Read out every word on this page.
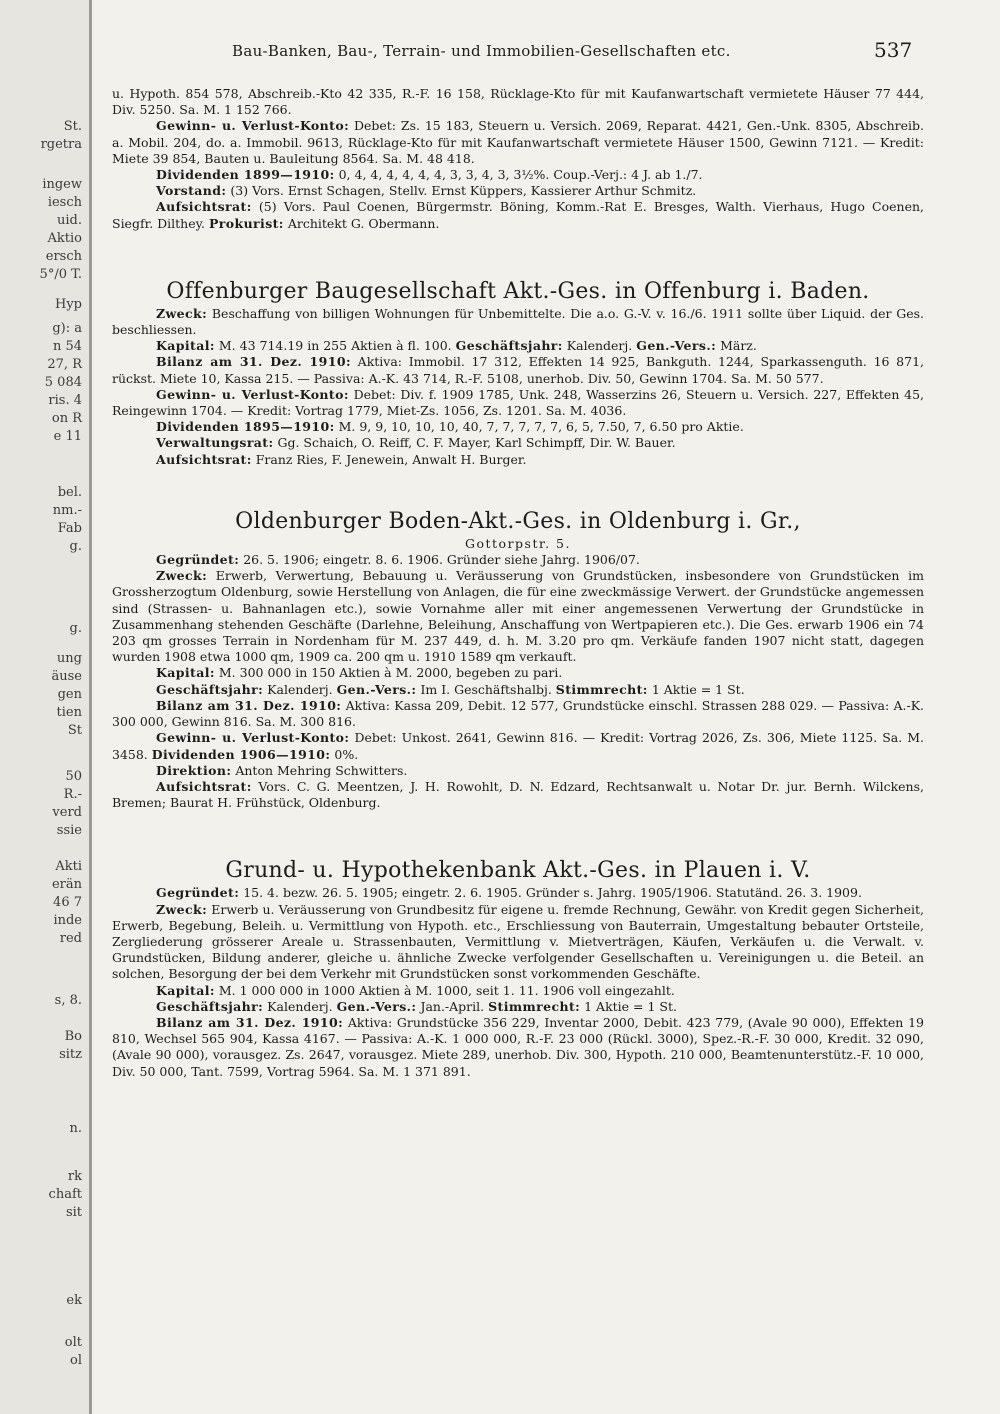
St.
rgetra
ingew
iesch
uid.
Aktio
ersch
5°/0 T.
Hyp
g): a
n 54
27, R
5 084
ris. 4
on R
e 11
bel.
nm.-
Fab
g.
g.
ung
äuse
gen
tien
St
50
R.-
verd
ssie
Akti
erän
46 7
inde
red
s, 8.
Bo
sitz
n.
rk
chaft
sit
ek
olt
ol
Bau-Banken, Bau-, Terrain- und Immobilien-Gesellschaften etc.	537

u. Hypoth. 854 578, Abschreib.-Kto 42 335, R.-F. 16 158, Rücklage-Kto für mit Kaufanwartschaft vermietete Häuser 77 444, Div. 5250. Sa. M. 1 152 766.

Gewinn- u. Verlust-Konto: Debet: Zs. 15 183, Steuern u. Versich. 2069, Reparat. 4421, Gen.-Unk. 8305, Abschreib. a. Mobil. 204, do. a. Immobil. 9613, Rücklage-Kto für mit Kaufanwartschaft vermietete Häuser 1500, Gewinn 7121. — Kredit: Miete 39 854, Bauten u. Bauleitung 8564. Sa. M. 48 418.

Dividenden 1899—1910: 0, 4, 4, 4, 4, 4, 4, 3, 3, 4, 3, 3½%. Coup.-Verj.: 4 J. ab 1./7.

Vorstand: (3) Vors. Ernst Schagen, Stellv. Ernst Küppers, Kassierer Arthur Schmitz.

Aufsichtsrat: (5) Vors. Paul Coenen, Bürgermstr. Böning, Komm.-Rat E. Bresges, Walth. Vierhaus, Hugo Coenen, Siegfr. Dilthey. Prokurist: Architekt G. Obermann.

Offenburger Baugesellschaft Akt.-Ges. in Offenburg i. Baden.

Zweck: Beschaffung von billigen Wohnungen für Unbemittelte. Die a.o. G.-V. v. 16./6. 1911 sollte über Liquid. der Ges. beschliessen.

Kapital: M. 43 714.19 in 255 Aktien à fl. 100. Geschäftsjahr: Kalenderj. Gen.-Vers.: März.

Bilanz am 31. Dez. 1910: Aktiva: Immobil. 17 312, Effekten 14 925, Bankguth. 1244, Sparkassenguth. 16 871, rückst. Miete 10, Kassa 215. — Passiva: A.-K. 43 714, R.-F. 5108, unerhob. Div. 50, Gewinn 1704. Sa. M. 50 577.

Gewinn- u. Verlust-Konto: Debet: Div. f. 1909 1785, Unk. 248, Wasserzins 26, Steuern u. Versich. 227, Effekten 45, Reingewinn 1704. — Kredit: Vortrag 1779, Miet-Zs. 1056, Zs. 1201. Sa. M. 4036.

Dividenden 1895—1910: M. 9, 9, 10, 10, 10, 40, 7, 7, 7, 7, 7, 6, 5, 7.50, 7, 6.50 pro Aktie.

Verwaltungsrat: Gg. Schaich, O. Reiff, C. F. Mayer, Karl Schimpff, Dir. W. Bauer.

Aufsichtsrat: Franz Ries, F. Jenewein, Anwalt H. Burger.

Oldenburger Boden-Akt.-Ges. in Oldenburg i. Gr.,

Gottorpstr. 5.

Gegründet: 26. 5. 1906; eingetr. 8. 6. 1906. Gründer siehe Jahrg. 1906/07.

Zweck: Erwerb, Verwertung, Bebauung u. Veräusserung von Grundstücken, insbesondere von Grundstücken im Grossherzogtum Oldenburg, sowie Herstellung von Anlagen, die für eine zweckmässige Verwert. der Grundstücke angemessen sind (Strassen- u. Bahnanlagen etc.), sowie Vornahme aller mit einer angemessenen Verwertung der Grundstücke in Zusammenhang stehenden Geschäfte (Darlehne, Beleihung, Anschaffung von Wertpapieren etc.). Die Ges. erwarb 1906 ein 74 203 qm grosses Terrain in Nordenham für M. 237 449, d. h. M. 3.20 pro qm. Verkäufe fanden 1907 nicht statt, dagegen wurden 1908 etwa 1000 qm, 1909 ca. 200 qm u. 1910 1589 qm verkauft.

Kapital: M. 300 000 in 150 Aktien à M. 2000, begeben zu pari.

Geschäftsjahr: Kalenderj. Gen.-Vers.: Im I. Geschäftshalbj. Stimmrecht: 1 Aktie = 1 St.

Bilanz am 31. Dez. 1910: Aktiva: Kassa 209, Debit. 12 577, Grundstücke einschl. Strassen 288 029. — Passiva: A.-K. 300 000, Gewinn 816. Sa. M. 300 816.

Gewinn- u. Verlust-Konto: Debet: Unkost. 2641, Gewinn 816. — Kredit: Vortrag 2026, Zs. 306, Miete 1125. Sa. M. 3458. Dividenden 1906—1910: 0%.

Direktion: Anton Mehring Schwitters.

Aufsichtsrat: Vors. C. G. Meentzen, J. H. Rowohlt, D. N. Edzard, Rechtsanwalt u. Notar Dr. jur. Bernh. Wilckens, Bremen; Baurat H. Frühstück, Oldenburg.

Grund- u. Hypothekenbank Akt.-Ges. in Plauen i. V.

Gegründet: 15. 4. bezw. 26. 5. 1905; eingetr. 2. 6. 1905. Gründer s. Jahrg. 1905/1906. Statutänd. 26. 3. 1909.

Zweck: Erwerb u. Veräusserung von Grundbesitz für eigene u. fremde Rechnung, Gewähr. von Kredit gegen Sicherheit, Erwerb, Begebung, Beleih. u. Vermittlung von Hypoth. etc., Erschliessung von Bauterrain, Umgestaltung bebauter Ortsteile, Zergliederung grösserer Areale u. Strassenbauten, Vermittlung v. Mietverträgen, Käufen, Verkäufen u. die Verwalt. v. Grundstücken, Bildung anderer, gleiche u. ähnliche Zwecke verfolgender Gesellschaften u. Vereinigungen u. die Beteil. an solchen, Besorgung der bei dem Verkehr mit Grundstücken sonst vorkommenden Geschäfte.

Kapital: M. 1 000 000 in 1000 Aktien à M. 1000, seit 1. 11. 1906 voll eingezahlt.

Geschäftsjahr: Kalenderj. Gen.-Vers.: Jan.-April. Stimmrecht: 1 Aktie = 1 St.

Bilanz am 31. Dez. 1910: Aktiva: Grundstücke 356 229, Inventar 2000, Debit. 423 779, (Avale 90 000), Effekten 19 810, Wechsel 565 904, Kassa 4167. — Passiva: A.-K. 1 000 000, R.-F. 23 000 (Rückl. 3000), Spez.-R.-F. 30 000, Kredit. 32 090, (Avale 90 000), vorausgez. Zs. 2647, vorausgez. Miete 289, unerhob. Div. 300, Hypoth. 210 000, Beamtenunterstütz.-F. 10 000, Div. 50 000, Tant. 7599, Vortrag 5964. Sa. M. 1 371 891.
